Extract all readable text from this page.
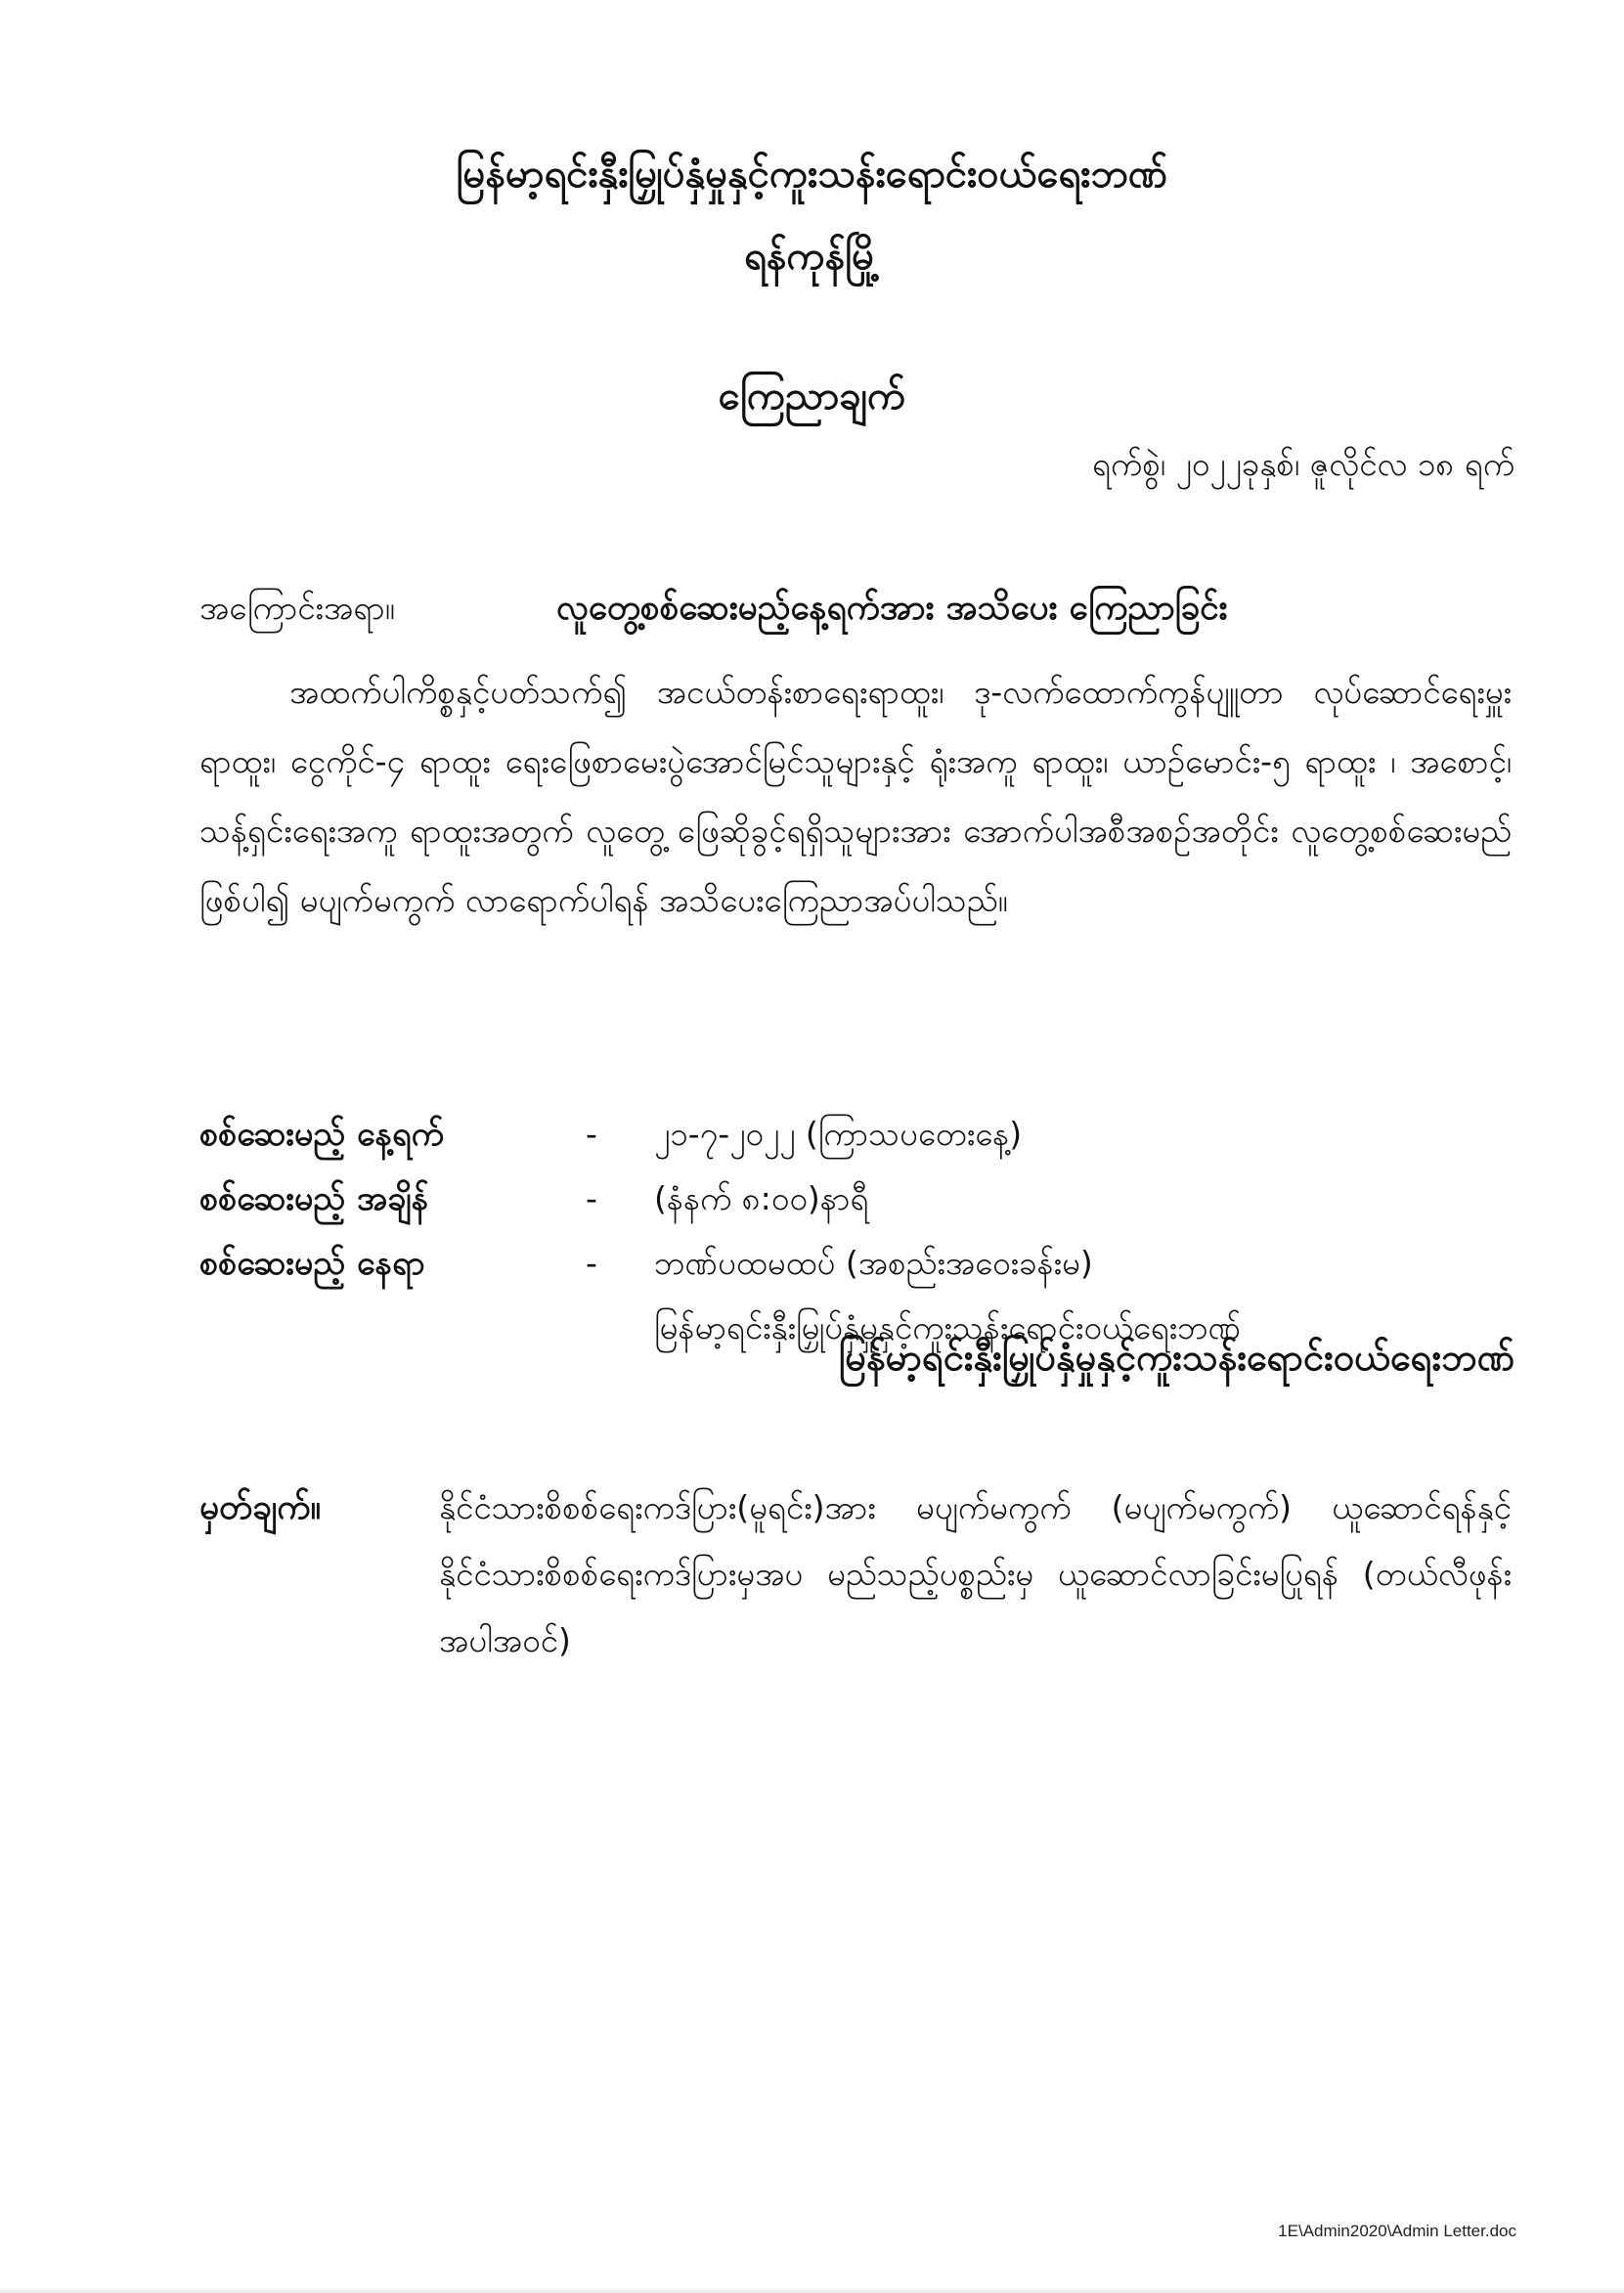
မြန်မာ့ရင်းနှီးမြှုပ်နှံမှုနှင့်ကူးသန်းရောင်းဝယ်ရေးဘဏ်
ရန်ကုန်မြို့
ကြေညာချက်
ရက်စွဲ၊ ၂၀၂၂ခုနှစ်၊ ဇူလိုင်လ ၁၈ ရက်
အကြောင်းအရာ။	လူတွေ့စစ်ဆေးမည့်နေ့ရက်အား အသိပေး ကြေညာခြင်း
အထက်ပါကိစ္စနှင့်ပတ်သက်၍ အငယ်တန်းစာရေးရာထူး၊ ဒု-လက်ထောက်ကွန်ပျူတာ လုပ်ဆောင်ရေးမှူးရာထူး၊ ငွေကိုင်-၄ ရာထူး ရေးဖြေစာမေးပွဲအောင်မြင်သူများနှင့် ရုံးအကူ ရာထူး၊ ယာဉ်မောင်း-၅ ရာထူး ၊ အစောင့်၊ သန့်ရှင်းရေးအကူ ရာထူးအတွက် လူတွေ့ ဖြေဆိုခွင့်ရရှိသူများအား အောက်ပါအစီအစဉ်အတိုင်း လူတွေ့စစ်ဆေးမည် ဖြစ်ပါ၍ မပျက်မကွက် လာရောက်ပါရန် အသိပေးကြေညာအပ်ပါသည်။
စစ်ဆေးမည့် နေ့ရက်	-	၂၁-၇-၂၀၂၂ (ကြာသပတေးနေ့)
စစ်ဆေးမည့် အချိန်	-	(နံနက် ၈:၀၀)နာရီ
စစ်ဆေးမည့် နေရာ	-	ဘဏ်ပထမထပ် (အစည်းအဝေးခန်းမ)
မြန်မာ့ရင်းနှီးမြှုပ်နှံမှုနှင့်ကူးသန်းရောင်းဝယ်ရေးဘဏ်
မှတ်ချက်။	နိုင်ငံသားစိစစ်ရေးကဒ်ပြား(မူရင်း)အား မပျက်မကွက် (မပျက်မကွက်) ယူဆောင်ရန်နှင့် နိုင်ငံသားစိစစ်ရေးကဒ်ပြားမှအပ မည်သည့်ပစ္စည်းမှ ယူဆောင်လာခြင်းမပြုရန် (တယ်လီဖုန်းအပါအဝင်)
မြန်မာ့ရင်းနှီးမြှုပ်နှံမှုနှင့်ကူးသန်းရောင်းဝယ်ရေးဘဏ်
1E\Admin2020\Admin Letter.doc
